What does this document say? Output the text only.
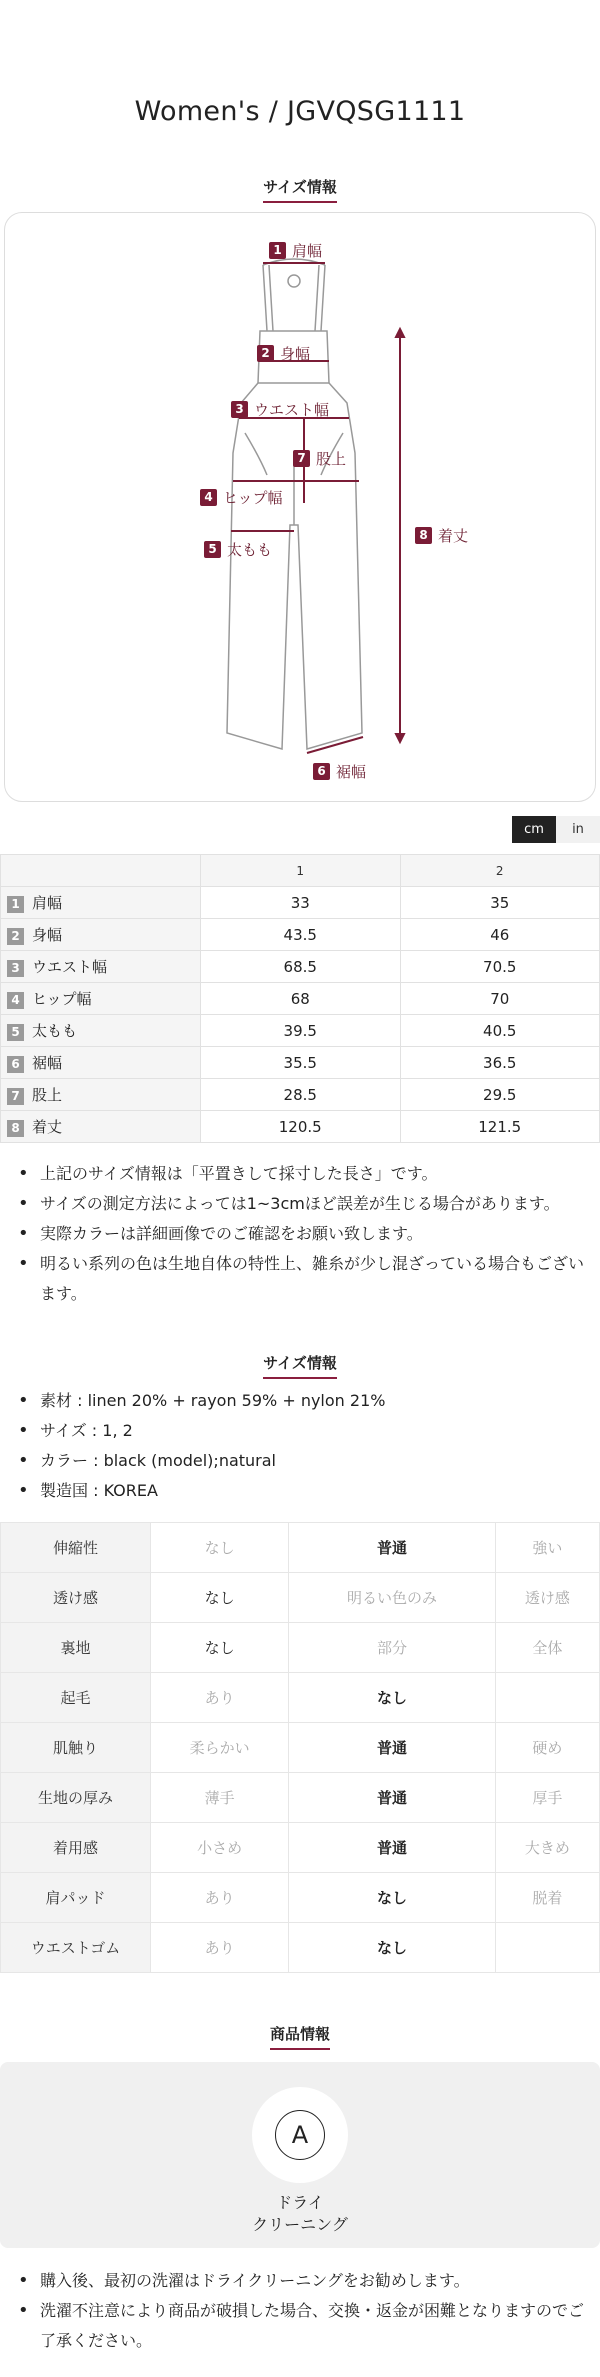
Women's / JGVQSG1111
サイズ情報
1 肩幅
2 身幅
3 ウエスト幅
4 ヒップ幅
5 太もも
6 裾幅
7 股上
8 着丈
cm	in
	1	2
1 肩幅	33	35
2 身幅	43.5	46
3 ウエスト幅	68.5	70.5
4 ヒップ幅	68	70
5 太もも	39.5	40.5
6 裾幅	35.5	36.5
7 股上	28.5	29.5
8 着丈	120.5	121.5
• 上記のサイズ情報は「平置きして採寸した長さ」です。
• サイズの測定方法によっては1~3cmほど誤差が生じる場合があります。
• 実際カラーは詳細画像でのご確認をお願い致します。
• 明るい系列の色は生地自体の特性上、雑糸が少し混ざっている場合もございます。
サイズ情報
• 素材 : linen 20% + rayon 59% + nylon 21%
• サイズ : 1, 2
• カラー : black (model);natural
• 製造国 : KOREA
伸縮性	なし	普通	強い
透け感	なし	明るい色のみ	透け感
裏地	なし	部分	全体
起毛	あり	なし	
肌触り	柔らかい	普通	硬め
生地の厚み	薄手	普通	厚手
着用感	小さめ	普通	大きめ
肩パッド	あり	なし	脱着
ウエストゴム	あり	なし	
商品情報
A
ドライ
クリーニング
• 購入後、最初の洗濯はドライクリーニングをお勧めします。
• 洗濯不注意により商品が破損した場合、交換・返金が困難となりますのでご了承ください。
